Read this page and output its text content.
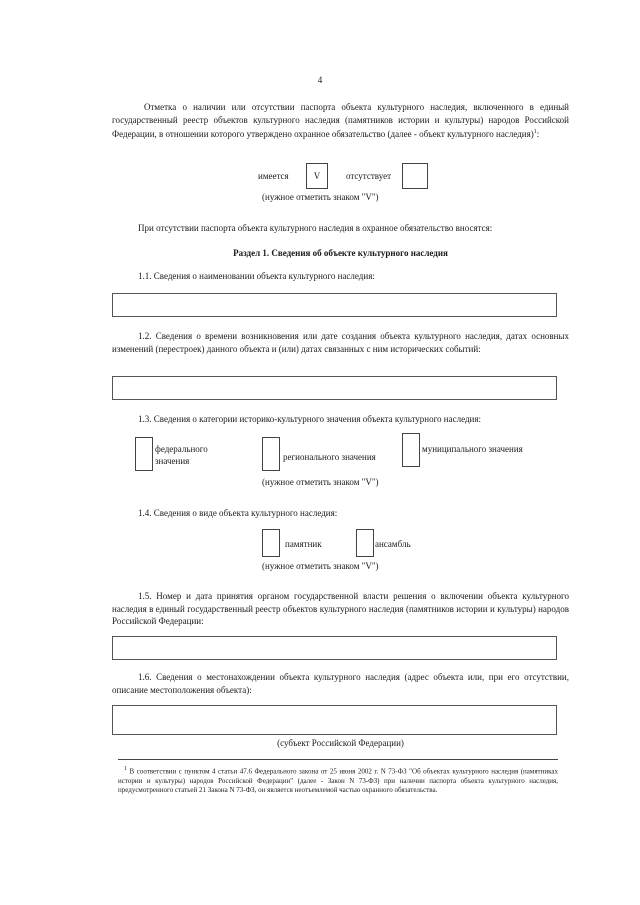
4
Отметка о наличии или отсутствии паспорта объекта культурного наследия, включенного в единый государственный реестр объектов культурного наследия (памятников истории и культуры) народов Российской Федерации, в отношении которого утверждено охранное обязательство (далее - объект культурного наследия)$^1$:
имеется	V	отсутствует
(нужное отметить знаком "V")
При отсутствии паспорта объекта культурного наследия в охранное обязательство вносятся:
Раздел 1. Сведения об объекте культурного наследия
1.1. Сведения о наименовании объекта культурного наследия:
1.2. Сведения о времени возникновения или дате создания объекта культурного наследия, датах основных изменений (перестроек) данного объекта и (или) датах связанных с ним исторических событий:
1.3. Сведения о категории историко-культурного значения объекта культурного наследия:
федерального
значения	регионального значения
муниципального значения
(нужное отметить знаком "V")
1.4. Сведения о виде объекта культурного наследия:
памятник	ансамбль
(нужное отметить знаком "V")
1.5. Номер и дата принятия органом государственной власти решения о включении объекта культурного наследия в единый государственный реестр объектов культурного наследия (памятников истории и культуры) народов Российской Федерации:
1.6. Сведения о местонахождении объекта культурного наследия (адрес объекта или, при его отсутствии, описание местоположения объекта):
(субъект Российской Федерации)
$^1$ В соответствии с пунктом 4 статьи 47.6 Федерального закона от 25 июня 2002 г. N 73-ФЗ "Об объектах культурного наследия (памятниках истории и культуры) народов Российской Федерации" (далее - Закон N 73-ФЗ) при наличии паспорта объекта культурного наследия, предусмотренного статьей 21 Закона N 73-ФЗ, он является неотъемлемой частью охранного обязательства.
